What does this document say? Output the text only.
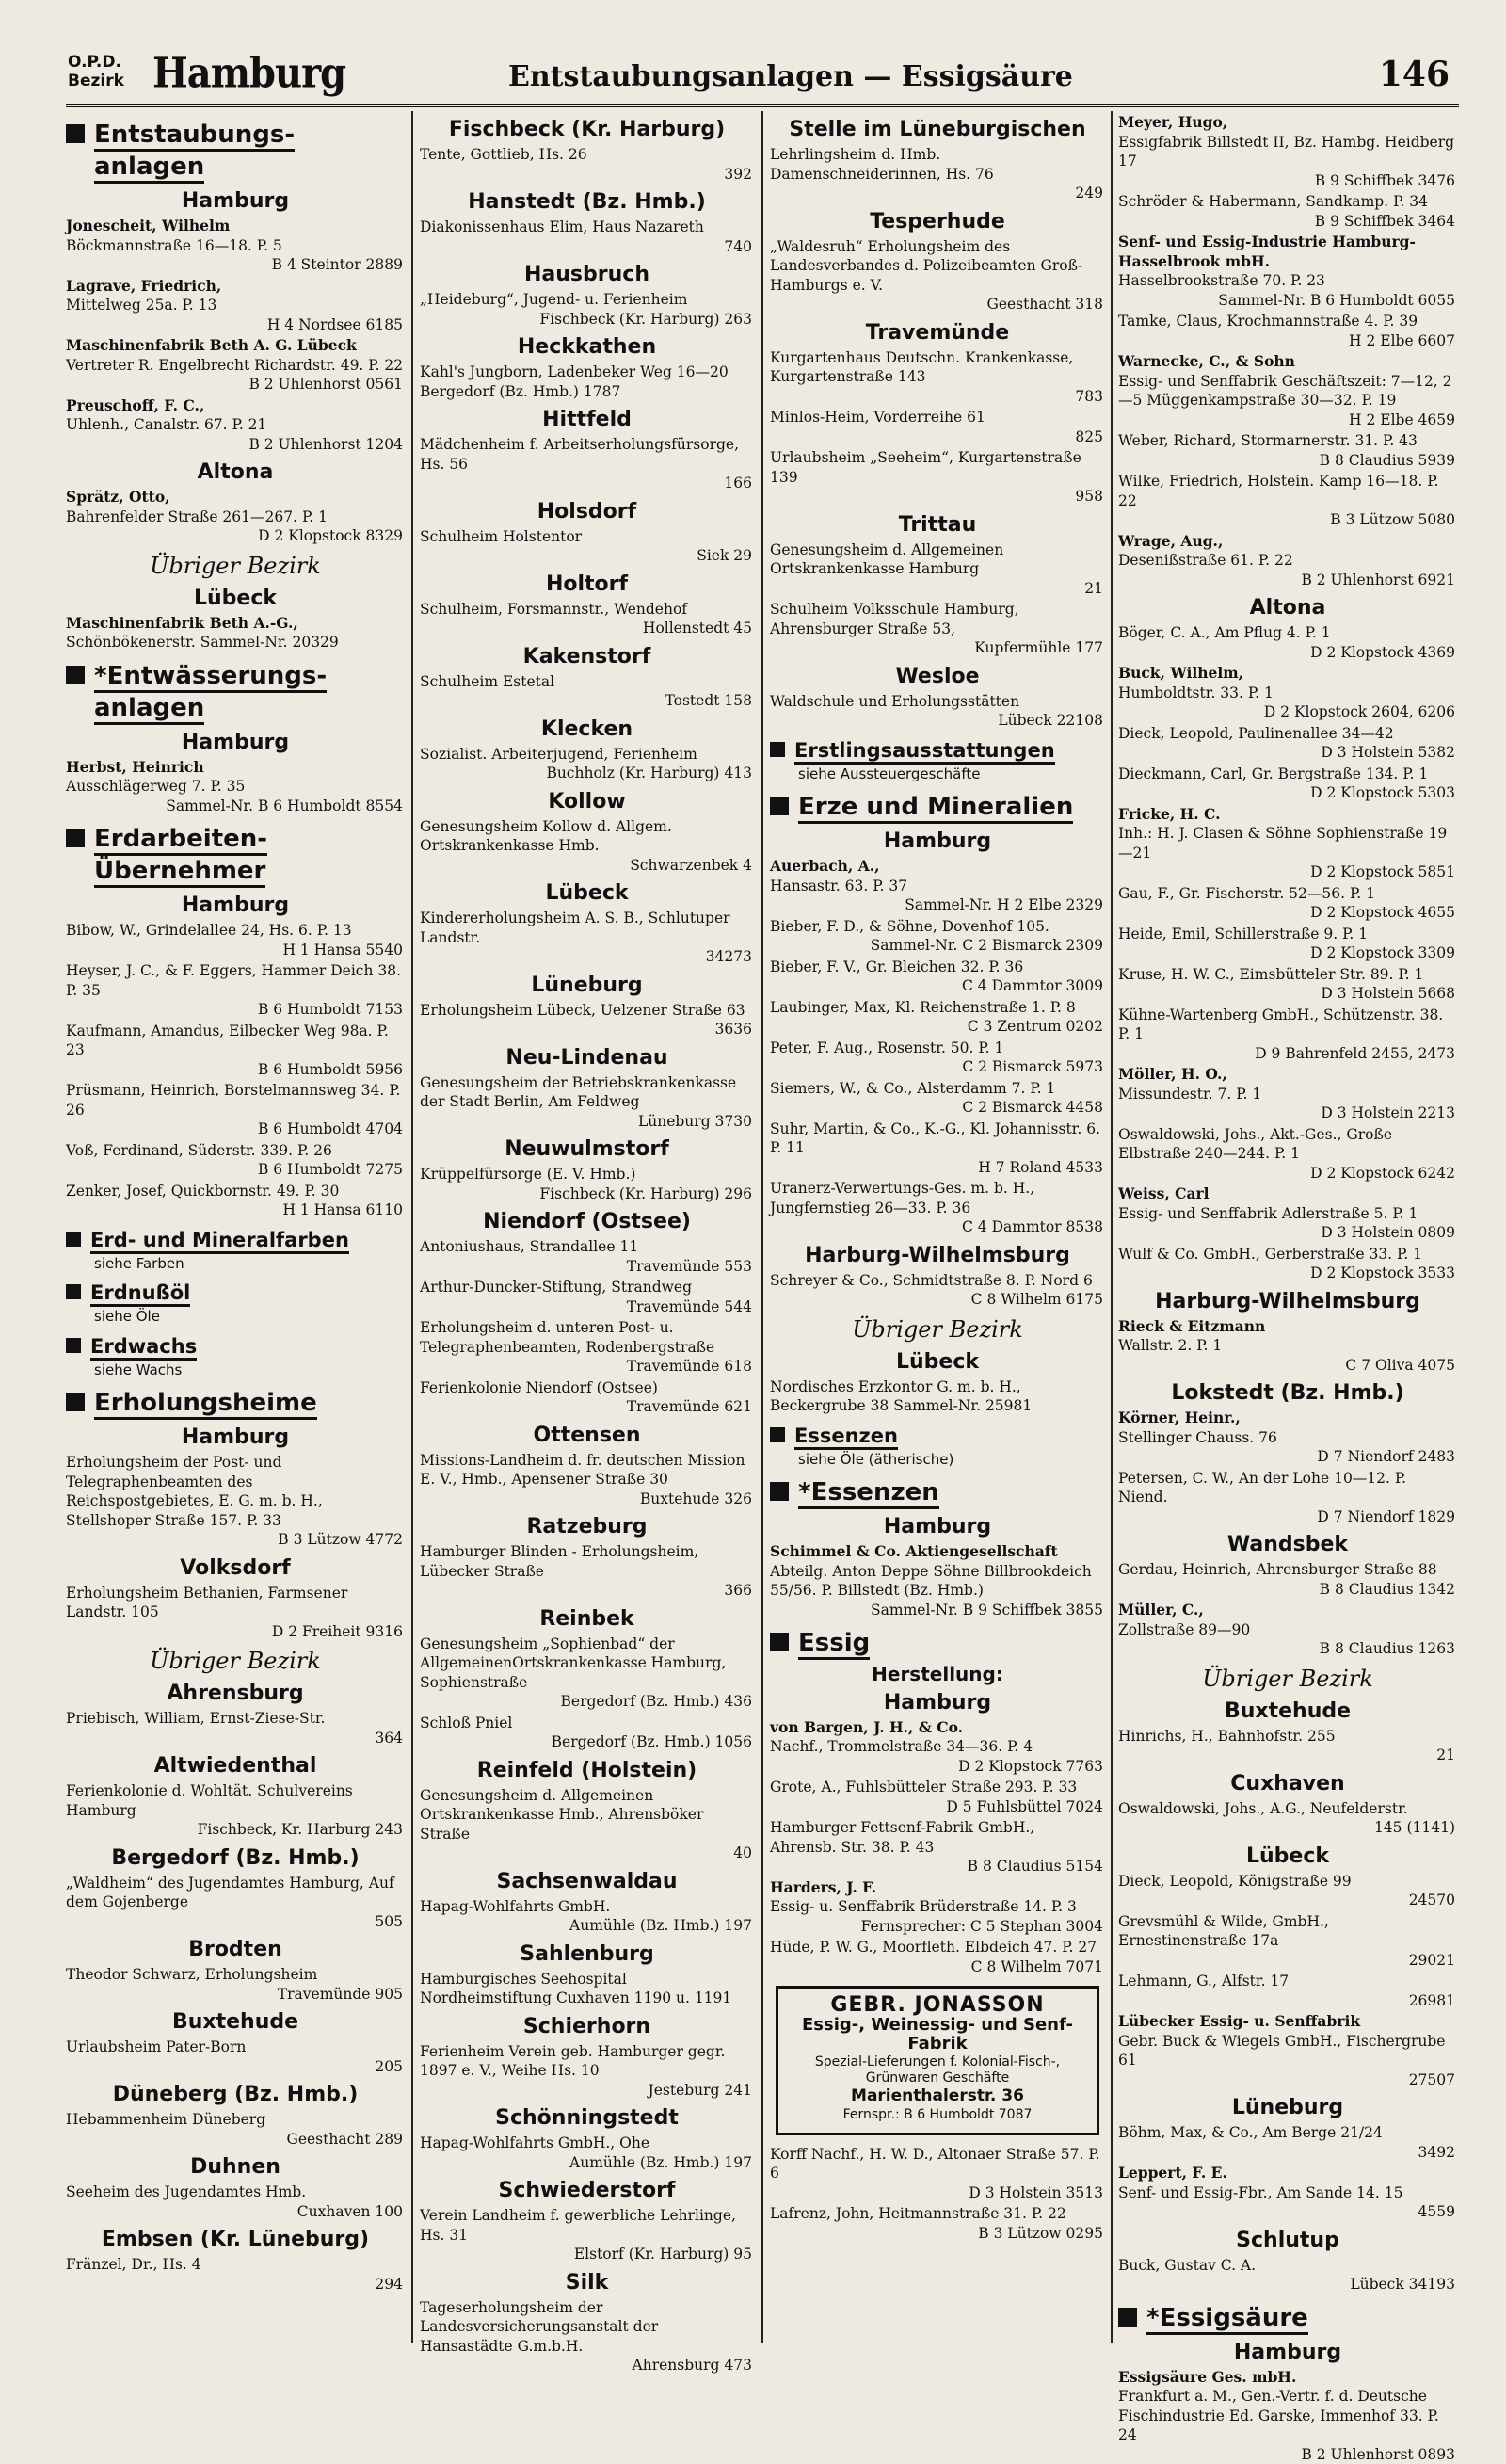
O.P.D.
Bezirk Hamburg	Entstaubungsanlagen — Essigsäure	146
Entstaubungs-
anlagen
Hamburg
Jonescheit, Wilhelm
Böckmannstraße 16—18. P. 5
B 4 Steintor 2889
Lagrave, Friedrich,
Mittelweg 25a. P. 13
H 4 Nordsee 6185
Maschinenfabrik Beth A. G. Lübeck
Vertreter R. Engelbrecht Richardstr. 49. P. 22
B 2 Uhlenhorst 0561
Preuschoff, F. C.,
Uhlenh., Canalstr. 67. P. 21
B 2 Uhlenhorst 1204
Altona
Sprätz, Otto,
Bahrenfelder Straße 261—267. P. 1
D 2 Klopstock 8329
Übriger Bezirk
Lübeck
Maschinenfabrik Beth A.-G.,
Schönbökenerstr. Sammel-Nr. 20329
*Entwässerungs-
anlagen
Hamburg
Herbst, Heinrich
Ausschlägerweg 7. P. 35
Sammel-Nr. B 6 Humboldt 8554
Erdarbeiten-
Übernehmer
Hamburg
Bibow, W., Grindelallee 24, Hs. 6. P. 13
H 1 Hansa 5540
Heyser, J. C., & F. Eggers, Hammer Deich 38. P. 35
B 6 Humboldt 7153
Kaufmann, Amandus, Eilbecker Weg 98a. P. 23
B 6 Humboldt 5956
Prüsmann, Heinrich, Borstelmannsweg 34. P. 26
B 6 Humboldt 4704
Voß, Ferdinand, Süderstr. 339. P. 26
B 6 Humboldt 7275
Zenker, Josef, Quickbornstr. 49. P. 30
H 1 Hansa 6110
Erd- und Mineralfarben
siehe Farben
Erdnußöl
siehe Öle
Erdwachs
siehe Wachs
Erholungsheime
Hamburg
Erholungsheim der Post- und Telegraphenbeamten des Reichspostgebietes, E. G. m. b. H., Stellshoper Straße 157. P. 33
B 3 Lützow 4772
Volksdorf
Erholungsheim Bethanien, Farmsener Landstr. 105
D 2 Freiheit 9316
Übriger Bezirk
Ahrensburg
Priebisch, William, Ernst-Ziese-Str.
364
Altwiedenthal
Ferienkolonie d. Wohltät. Schulvereins Hamburg
Fischbeck, Kr. Harburg 243
Bergedorf (Bz. Hmb.)
„Waldheim“ des Jugendamtes Hamburg, Auf dem Gojenberge
505
Brodten
Theodor Schwarz, Erholungsheim
Travemünde 905
Buxtehude
Urlaubsheim Pater-Born
205
Düneberg (Bz. Hmb.)
Hebammenheim Düneberg
Geesthacht 289
Duhnen
Seeheim des Jugendamtes Hmb.
Cuxhaven 100
Embsen (Kr. Lüneburg)
Fränzel, Dr., Hs. 4
294
Fischbeck (Kr. Harburg)
Tente, Gottlieb, Hs. 26
392
Hanstedt (Bz. Hmb.)
Diakonissenhaus Elim, Haus Nazareth
740
Hausbruch
„Heideburg“, Jugend- u. Ferienheim
Fischbeck (Kr. Harburg) 263
Heckkathen
Kahl's Jungborn, Ladenbeker Weg 16—20 Bergedorf (Bz. Hmb.) 1787
Hittfeld
Mädchenheim f. Arbeitserholungsfürsorge, Hs. 56
166
Holsdorf
Schulheim Holstentor
Siek 29
Holtorf
Schulheim, Forsmannstr., Wendehof
Hollenstedt 45
Kakenstorf
Schulheim Estetal
Tostedt 158
Klecken
Sozialist. Arbeiterjugend, Ferienheim
Buchholz (Kr. Harburg) 413
Kollow
Genesungsheim Kollow d. Allgem. Ortskrankenkasse Hmb.
Schwarzenbek 4
Lübeck
Kindererholungsheim A. S. B., Schlutuper Landstr.
34273
Lüneburg
Erholungsheim Lübeck, Uelzener Straße 63
3636
Neu-Lindenau
Genesungsheim der Betriebskrankenkasse der Stadt Berlin, Am Feldweg
Lüneburg 3730
Neuwulmstorf
Krüppelfürsorge (E. V. Hmb.)
Fischbeck (Kr. Harburg) 296
Niendorf (Ostsee)
Antoniushaus, Strandallee 11
Travemünde 553
Arthur-Duncker-Stiftung, Strandweg
Travemünde 544
Erholungsheim d. unteren Post- u. Telegraphenbeamten, Rodenbergstraße
Travemünde 618
Ferienkolonie Niendorf (Ostsee)
Travemünde 621
Ottensen
Missions-Landheim d. fr. deutschen Mission E. V., Hmb., Apensener Straße 30
Buxtehude 326
Ratzeburg
Hamburger Blinden - Erholungsheim, Lübecker Straße
366
Reinbek
Genesungsheim „Sophienbad“ der AllgemeinenOrtskrankenkasse Hamburg, Sophienstraße
Bergedorf (Bz. Hmb.) 436
Schloß Pniel
Bergedorf (Bz. Hmb.) 1056
Reinfeld (Holstein)
Genesungsheim d. Allgemeinen Ortskrankenkasse Hmb., Ahrensböker Straße
40
Sachsenwaldau
Hapag-Wohlfahrts GmbH.
Aumühle (Bz. Hmb.) 197
Sahlenburg
Hamburgisches Seehospital Nordheimstiftung Cuxhaven 1190 u. 1191
Schierhorn
Ferienheim Verein geb. Hamburger gegr. 1897 e. V., Weihe Hs. 10
Jesteburg 241
Schönningstedt
Hapag-Wohlfahrts GmbH., Ohe
Aumühle (Bz. Hmb.) 197
Schwiederstorf
Verein Landheim f. gewerbliche Lehrlinge, Hs. 31
Elstorf (Kr. Harburg) 95
Silk
Tageserholungsheim der Landesversicherungsanstalt der Hansastädte G.m.b.H.
Ahrensburg 473
Stelle im Lüneburgischen
Lehrlingsheim d. Hmb. Damenschneiderinnen, Hs. 76
249
Tesperhude
„Waldesruh“ Erholungsheim des Landesverbandes d. Polizeibeamten Groß-Hamburgs e. V.
Geesthacht 318
Travemünde
Kurgartenhaus Deutschn. Krankenkasse, Kurgartenstraße 143
783
Minlos-Heim, Vorderreihe 61
825
Urlaubsheim „Seeheim“, Kurgartenstraße 139
958
Trittau
Genesungsheim d. Allgemeinen Ortskrankenkasse Hamburg
21
Schulheim Volksschule Hamburg, Ahrensburger Straße 53,
Kupfermühle 177
Wesloe
Waldschule und Erholungsstätten
Lübeck 22108
Erstlingsausstattungen
siehe Aussteuergeschäfte
Erze und Mineralien
Hamburg
Auerbach, A.,
Hansastr. 63. P. 37
Sammel-Nr. H 2 Elbe 2329
Bieber, F. D., & Söhne, Dovenhof 105.
Sammel-Nr. C 2 Bismarck 2309
Bieber, F. V., Gr. Bleichen 32. P. 36
C 4 Dammtor 3009
Laubinger, Max, Kl. Reichenstraße 1. P. 8
C 3 Zentrum 0202
Peter, F. Aug., Rosenstr. 50. P. 1
C 2 Bismarck 5973
Siemers, W., & Co., Alsterdamm 7. P. 1
C 2 Bismarck 4458
Suhr, Martin, & Co., K.-G., Kl. Johannisstr. 6. P. 11
H 7 Roland 4533
Uranerz-Verwertungs-Ges. m. b. H., Jungfernstieg 26—33. P. 36
C 4 Dammtor 8538
Harburg-Wilhelmsburg
Schreyer & Co., Schmidtstraße 8. P. Nord 6
C 8 Wilhelm 6175
Übriger Bezirk
Lübeck
Nordisches Erzkontor G. m. b. H., Beckergrube 38 Sammel-Nr. 25981
Essenzen
siehe Öle (ätherische)
*Essenzen
Hamburg
Schimmel & Co. Aktiengesellschaft
Abteilg. Anton Deppe Söhne Billbrookdeich 55/56. P. Billstedt (Bz. Hmb.)
Sammel-Nr. B 9 Schiffbek 3855
Essig
Herstellung:
Hamburg
von Bargen, J. H., & Co.
Nachf., Trommelstraße 34—36. P. 4
D 2 Klopstock 7763
Grote, A., Fuhlsbütteler Straße 293. P. 33
D 5 Fuhlsbüttel 7024
Hamburger Fettsenf-Fabrik GmbH., Ahrensb. Str. 38. P. 43
B 8 Claudius 5154
Harders, J. F.
Essig- u. Senffabrik Brüderstraße 14. P. 3
Fernsprecher: C 5 Stephan 3004
Hüde, P. W. G., Moorfleth. Elbdeich 47. P. 27
C 8 Wilhelm 7071
GEBR. JONASSON
Essig-, Weinessig- und Senf-Fabrik
Spezial-Lieferungen f. Kolonial-Fisch-, Grünwaren Geschäfte
Marienthalerstr. 36
Fernspr.: B 6 Humboldt 7087
Korff Nachf., H. W. D., Altonaer Straße 57. P. 6
D 3 Holstein 3513
Lafrenz, John, Heitmannstraße 31. P. 22
B 3 Lützow 0295
Meyer, Hugo,
Essigfabrik Billstedt II, Bz. Hambg. Heidberg 17
B 9 Schiffbek 3476
Schröder & Habermann, Sandkamp. P. 34
B 9 Schiffbek 3464
Senf- und Essig-Industrie Hamburg-Hasselbrook mbH.
Hasselbrookstraße 70. P. 23
Sammel-Nr. B 6 Humboldt 6055
Tamke, Claus, Krochmannstraße 4. P. 39
H 2 Elbe 6607
Warnecke, C., & Sohn
Essig- und Senffabrik Geschäftszeit: 7—12, 2—5 Müggenkampstraße 30—32. P. 19
H 2 Elbe 4659
Weber, Richard, Stormarnerstr. 31. P. 43
B 8 Claudius 5939
Wilke, Friedrich, Holstein. Kamp 16—18. P. 22
B 3 Lützow 5080
Wrage, Aug.,
Desenißstraße 61. P. 22
B 2 Uhlenhorst 6921
Altona
Böger, C. A., Am Pflug 4. P. 1
D 2 Klopstock 4369
Buck, Wilhelm,
Humboldtstr. 33. P. 1
D 2 Klopstock 2604, 6206
Dieck, Leopold, Paulinenallee 34—42
D 3 Holstein 5382
Dieckmann, Carl, Gr. Bergstraße 134. P. 1
D 2 Klopstock 5303
Fricke, H. C.
Inh.: H. J. Clasen & Söhne Sophienstraße 19—21
D 2 Klopstock 5851
Gau, F., Gr. Fischerstr. 52—56. P. 1
D 2 Klopstock 4655
Heide, Emil, Schillerstraße 9. P. 1
D 2 Klopstock 3309
Kruse, H. W. C., Eimsbütteler Str. 89. P. 1
D 3 Holstein 5668
Kühne-Wartenberg GmbH., Schützenstr. 38. P. 1
D 9 Bahrenfeld 2455, 2473
Möller, H. O.,
Missundestr. 7. P. 1
D 3 Holstein 2213
Oswaldowski, Johs., Akt.-Ges., Große Elbstraße 240—244. P. 1
D 2 Klopstock 6242
Weiss, Carl
Essig- und Senffabrik Adlerstraße 5. P. 1
D 3 Holstein 0809
Wulf & Co. GmbH., Gerberstraße 33. P. 1
D 2 Klopstock 3533
Harburg-Wilhelmsburg
Rieck & Eitzmann
Wallstr. 2. P. 1
C 7 Oliva 4075
Lokstedt (Bz. Hmb.)
Körner, Heinr.,
Stellinger Chauss. 76
D 7 Niendorf 2483
Petersen, C. W., An der Lohe 10—12. P. Niend.
D 7 Niendorf 1829
Wandsbek
Gerdau, Heinrich, Ahrensburger Straße 88
B 8 Claudius 1342
Müller, C.,
Zollstraße 89—90
B 8 Claudius 1263
Übriger Bezirk
Buxtehude
Hinrichs, H., Bahnhofstr. 255
21
Cuxhaven
Oswaldowski, Johs., A.G., Neufelderstr.
145 (1141)
Lübeck
Dieck, Leopold, Königstraße 99
24570
Grevsmühl & Wilde, GmbH., Ernestinenstraße 17a
29021
Lehmann, G., Alfstr. 17
26981
Lübecker Essig- u. Senffabrik
Gebr. Buck & Wiegels GmbH., Fischergrube 61
27507
Lüneburg
Böhm, Max, & Co., Am Berge 21/24
3492
Leppert, F. E.
Senf- und Essig-Fbr., Am Sande 14. 15
4559
Schlutup
Buck, Gustav C. A.
Lübeck 34193
*Essigsäure
Hamburg
Essigsäure Ges. mbH.
Frankfurt a. M., Gen.-Vertr. f. d. Deutsche Fischindustrie Ed. Garske, Immenhof 33. P. 24
B 2 Uhlenhorst 0893
